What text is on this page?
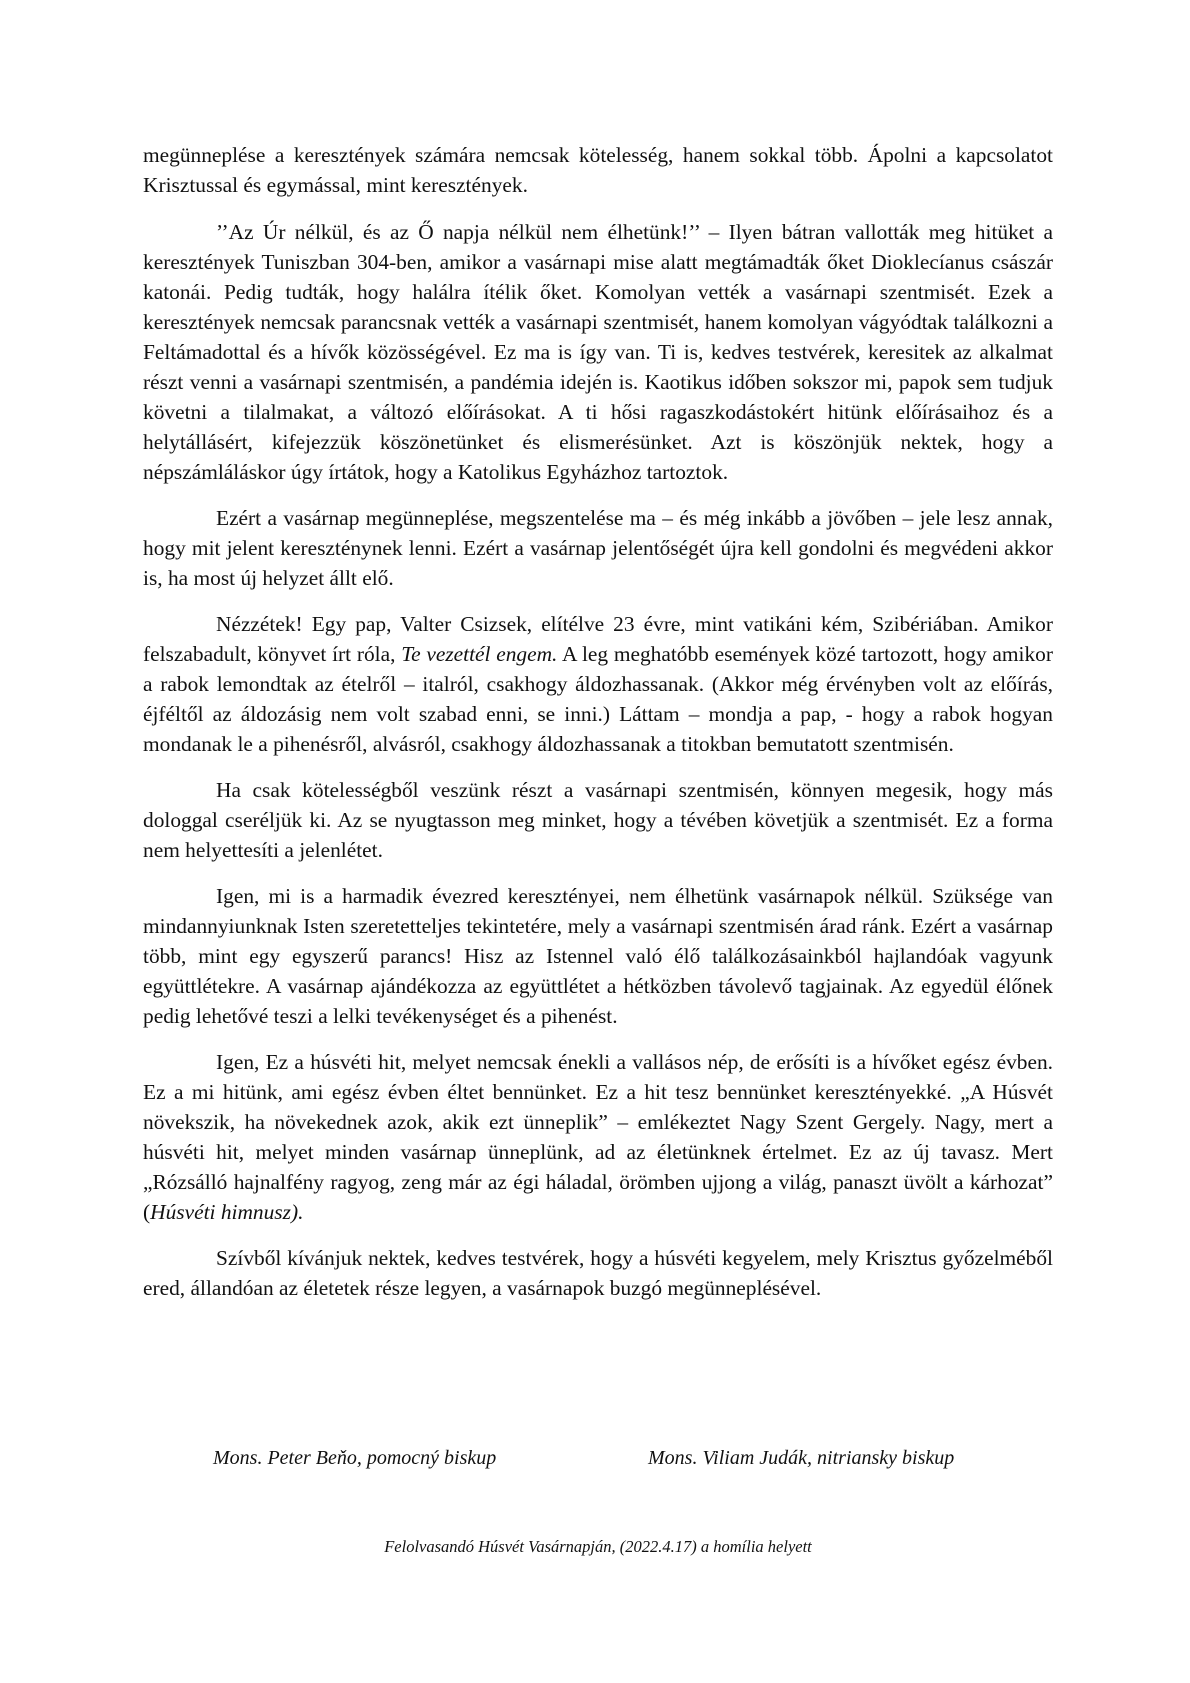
megünneplése a keresztények számára nemcsak kötelesség, hanem sokkal több. Ápolni a kapcsolatot Krisztussal és egymással, mint keresztények.

’’Az Úr nélkül, és az Ő napja nélkül nem élhetünk!’’ – Ilyen bátran vallották meg hitüket a keresztények Tuniszban 304-ben, amikor a vasárnapi mise alatt megtámadták őket Dioklecíanus császár katonái. Pedig tudták, hogy halálra ítélik őket. Komolyan vették a vasárnapi szentmisét. Ezek a keresztények nemcsak parancsnak vették a vasárnapi szentmisét, hanem komolyan vágyódtak találkozni a Feltámadottal és a hívők közösségével. Ez ma is így van. Ti is, kedves testvérek, keresitek az alkalmat részt venni a vasárnapi szentmisén, a pandémia idején is. Kaotikus időben sokszor mi, papok sem tudjuk követni a tilalmakat, a változó előírásokat. A ti hősi ragaszkodástokért hitünk előírásaihoz és a helytállásért, kifejezzük köszönetünket és elismerésünket. Azt is köszönjük nektek, hogy a népszámláláskor úgy írtátok, hogy a Katolikus Egyházhoz tartoztok.

Ezért a vasárnap megünneplése, megszentelése ma – és még inkább a jövőben – jele lesz annak, hogy mit jelent kereszténynek lenni. Ezért a vasárnap jelentőségét újra kell gondolni és megvédeni akkor is, ha most új helyzet állt elő.

Nézzétek! Egy pap, Valter Csizsek, elítélve 23 évre, mint vatikáni kém, Szibériában. Amikor felszabadult, könyvet írt róla, Te vezettél engem. A leg meghatóbb események közé tartozott, hogy amikor a rabok lemondtak az ételről – italról, csakhogy áldozhassanak. (Akkor még érvényben volt az előírás, éjféltől az áldozásig nem volt szabad enni, se inni.) Láttam – mondja a pap, - hogy a rabok hogyan mondanak le a pihenésről, alvásról, csakhogy áldozhassanak a titokban bemutatott szentmisén.

Ha csak kötelességből veszünk részt a vasárnapi szentmisén, könnyen megesik, hogy más dologgal cseréljük ki. Az se nyugtasson meg minket, hogy a tévében követjük a szentmisét. Ez a forma nem helyettesíti a jelenlétet.

Igen, mi is a harmadik évezred keresztényei, nem élhetünk vasárnapok nélkül. Szüksége van mindannyiunknak Isten szeretetteljes tekintetére, mely a vasárnapi szentmisén árad ránk. Ezért a vasárnap több, mint egy egyszerű parancs! Hisz az Istennel való élő találkozásainkból hajlandóak vagyunk együttlétekre. A vasárnap ajándékozza az együttlétet a hétközben távolevő tagjainak. Az egyedül élőnek pedig lehetővé teszi a lelki tevékenységet és a pihenést.

Igen, Ez a húsvéti hit, melyet nemcsak énekli a vallásos nép, de erősíti is a hívőket egész évben. Ez a mi hitünk, ami egész évben éltet bennünket. Ez a hit tesz bennünket keresztényekké. „A Húsvét növekszik, ha növekednek azok, akik ezt ünneplik” – emlékeztet Nagy Szent Gergely. Nagy, mert a húsvéti hit, melyet minden vasárnap ünneplünk, ad az életünknek értelmet. Ez az új tavasz. Mert „Rózsálló hajnalfény ragyog, zeng már az égi háladal, örömben ujjong a világ, panaszt üvölt a kárhozat” (Húsvéti himnusz).

Szívből kívánjuk nektek, kedves testvérek, hogy a húsvéti kegyelem, mely Krisztus győzelméből ered, állandóan az életetek része legyen, a vasárnapok buzgó megünneplésével.

Mons. Peter Beňo, pomocný biskup	Mons. Viliam Judák, nitriansky biskup
Felolvasandó Húsvét Vasárnapján, (2022.4.17) a homília helyett
